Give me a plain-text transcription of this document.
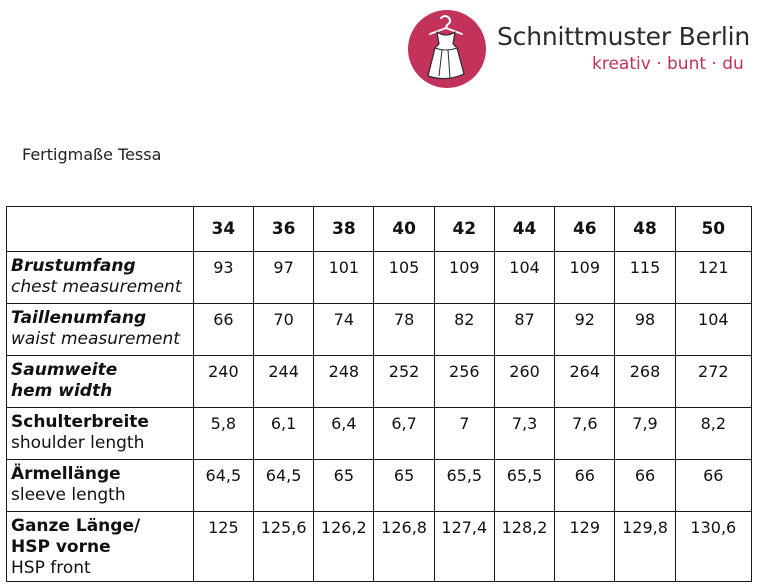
Schnittmuster Berlin
kreativ · bunt · du
Fertigmaße Tessa
	34	36	38	40	42	44	46	48	50

Brustumfang
chest measurement	93	97	101	105	109	104	109	115	121

Taillenumfang
waist measurement	66	70	74	78	82	87	92	98	104

Saumweite
hem width	240	244	248	252	256	260	264	268	272

Schulterbreite
shoulder length	5,8	6,1	6,4	6,7	7	7,3	7,6	7,9	8,2

Ärmellänge
sleeve length	64,5	64,5	65	65	65,5	65,5	66	66	66

Ganze Länge/ HSP vorne
HSP front	125	125,6	126,2	126,8	127,4	128,2	129	129,8	130,6
